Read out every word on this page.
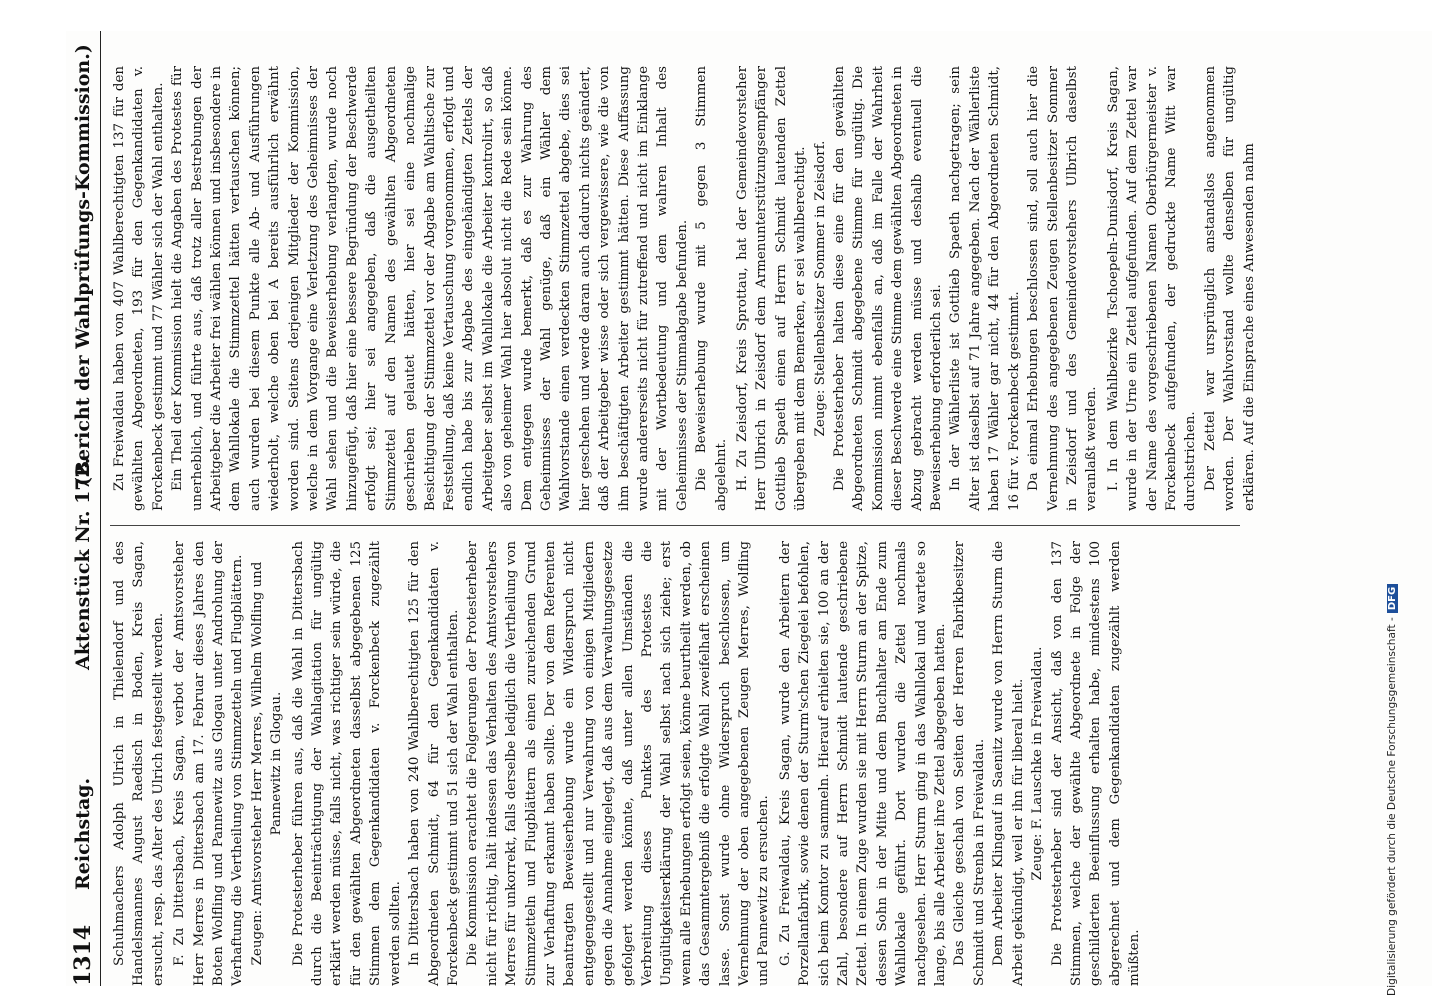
1314
Reichstag.
Aktenstück Nr. 172.
(Bericht der Wahlprüfungs-Kommission.)

Schuhmachers Adolph Ulrich in Thielendorf und des Handelsmannes August Raedisch in Boden, Kreis Sagan, ersucht, resp. das Alter des Ulrich festgestellt werden. F. Zu Dittersbach, Kreis Sagan, verbot der Amtsvorsteher Herr Merres in Dittersbach am 17. Februar dieses Jahres den Boten Wolfling und Pannewitz aus Glogau unter Androhung der Verhaftung die Vertheilung von Stimmzetteln und Flugblättern. Zeugen: Amtsvorsteher Herr Merres, Wilhelm Wolfling und Pannewitz in Glogau. Die Protesterheber führen aus, daß die Wahl in Dittersbach durch die Beeinträchtigung der Wahlagitation für ungültig erklärt werden müsse, falls nicht, was richtiger sein würde, die für den gewählten Abgeordneten dasselbst abgegebenen 125 Stimmen dem Gegenkandidaten v. Forckenbeck zugezählt werden sollten. In Dittersbach haben von 240 Wahlberechtigten 125 für den Abgeordneten Schmidt, 64 für den Gegenkandidaten v. Forckenbeck gestimmt und 51 sich der Wahl enthalten. Die Kommission erachtet die Folgerungen der Protesterheber nicht für richtig, hält indessen das Verhalten des Amtsvorstehers Merres für unkorrekt, falls derselbe lediglich die Vertheilung von Stimmzetteln und Flugblättern als einen zureichenden Grund zur Verhaftung erkannt haben sollte. Der von dem Referenten beantragten Beweiserhebung wurde ein Widerspruch nicht entgegengestellt und nur Verwahrung von einigen Mitgliedern gegen die Annahme eingelegt, daß aus dem Verwaltungsgesetze gefolgert werden könnte, daß unter allen Umständen die Verbreitung dieses Punktes des Protestes die Ungültigkeitserklärung der Wahl selbst nach sich ziehe; erst wenn alle Erhebungen erfolgt seien, könne beurtheilt werden, ob das Gesammtergebniß die erfolgte Wahl zweifelhaft erscheinen lasse. Sonst wurde ohne Widerspruch beschlossen, um Vernehmung der oben angegebenen Zeugen Merres, Wolfling und Pannewitz zu ersuchen. G. Zu Freiwaldau, Kreis Sagan, wurde den Arbeitern der Porzellanfabrik, sowie denen der Sturm'schen Ziegelei befohlen, sich beim Komtor zu sammeln. Hierauf erhielten sie, 100 an der Zahl, besondere auf Herrn Schmidt lautende geschriebene Zettel. In einem Zuge wurden sie mit Herrn Sturm an der Spitze, dessen Sohn in der Mitte und dem Buchhalter am Ende zum Wahllokale geführt. Dort wurden die Zettel nochmals nachgesehen. Herr Sturm ging in das Wahllokal und wartete so lange, bis alle Arbeiter ihre Zettel abgegeben hatten. Das Gleiche geschah von Seiten der Herren Fabrikbesitzer Schmidt und Strenba in Freiwaldau. Dem Arbeiter Klingauf in Saenitz wurde von Herrn Sturm die Arbeit gekündigt, weil er ihn für liberal hielt. Zeuge: F. Lauschke in Freiwaldau. Die Protesterheber sind der Ansicht, daß von den 137 Stimmen, welche der gewählte Abgeordnete in Folge der geschilderten Beeinflussung erhalten habe, mindestens 100 abgerechnet und dem Gegenkandidaten zugezählt werden müßten.

Zu Freiwaldau haben von 407 Wahlberechtigten 137 für den gewählten Abgeordneten, 193 für den Gegenkandidaten v. Forckenbeck gestimmt und 77 Wähler sich der Wahl enthalten. Ein Theil der Kommission hielt die Angaben des Protestes für unerheblich, und führte aus, daß trotz aller Bestrebungen der Arbeitgeber die Arbeiter frei wählen können und insbesondere in dem Wahllokale die Stimmzettel hätten vertauschen können; auch wurden bei diesem Punkte alle Ab- und Ausführungen wiederholt, welche oben bei A bereits ausführlich erwähnt worden sind. Seitens derjenigen Mitglieder der Kommission, welche in dem Vorgange eine Verletzung des Geheimnisses der Wahl sehen und die Beweiserhebung verlangten, wurde noch hinzugefügt, daß hier eine bessere Begründung der Beschwerde erfolgt sei; hier sei angegeben, daß die ausgetheilten Stimmzettel auf den Namen des gewählten Abgeordneten geschrieben gelautet hätten, hier sei eine nochmalige Besichtigung der Stimmzettel vor der Abgabe am Wahltische zur Feststellung, daß keine Vertauschung vorgenommen, erfolgt und endlich habe bis zur Abgabe des eingehändigten Zettels der Arbeitgeber selbst im Wahllokale die Arbeiter kontrolirt, so daß also von geheimer Wahl hier absolut nicht die Rede sein könne. Dem entgegen wurde bemerkt, daß es zur Wahrung des Geheimnisses der Wahl genüge, daß ein Wähler dem Wahlvorstande einen verdeckten Stimmzettel abgebe, dies sei hier geschehen und werde daran auch dadurch nichts geändert, daß der Arbeitgeber wisse oder sich vergewissere, wie die von ihm beschäftigten Arbeiter gestimmt hätten. Diese Auffassung wurde andererseits nicht für zutreffend und nicht im Einklange mit der Wortbedeutung und dem wahren Inhalt des Geheimnisses der Stimmabgabe befunden. Die Beweiserhebung wurde mit 5 gegen 3 Stimmen abgelehnt. H. Zu Zeisdorf, Kreis Sprottau, hat der Gemeindevorsteher Herr Ulbrich in Zeisdorf dem Armenunterstützungsempfänger Gottlieb Spaeth einen auf Herrn Schmidt lautenden Zettel übergeben mit dem Bemerken, er sei wahlberechtigt. Zeuge: Stellenbesitzer Sommer in Zeisdorf. Die Protesterheber halten diese eine für den gewählten Abgeordneten Schmidt abgegebene Stimme für ungültig. Die Kommission nimmt ebenfalls an, daß im Falle der Wahrheit dieser Beschwerde eine Stimme dem gewählten Abgeordneten in Abzug gebracht werden müsse und deshalb eventuell die Beweiserhebung erforderlich sei. In der Wählerliste ist Gottlieb Spaeth nachgetragen; sein Alter ist daselbst auf 71 Jahre angegeben. Nach der Wählerliste haben 17 Wähler gar nicht, 44 für den Abgeordneten Schmidt, 16 für v. Forckenbeck gestimmt. Da einmal Erhebungen beschlossen sind, soll auch hier die Vernehmung des angegebenen Zeugen Stellenbesitzer Sommer in Zeisdorf und des Gemeindevorstehers Ulbrich daselbst veranlaßt werden. I. In dem Wahlbezirke Tschoepeln-Dunisdorf, Kreis Sagan, wurde in der Urne ein Zettel aufgefunden. Auf dem Zettel war der Name des vorgeschriebenen Namen Oberbürgermeister v. Forckenbeck aufgefunden, der gedruckte Name Witt war durchstrichen. Der Zettel war ursprünglich anstandslos angenommen worden. Der Wahlvorstand wollte denselben für ungültig erklären. Auf die Einsprache eines Anwesenden nahm

Digitalisierung gefördert durch die Deutsche Forschungsgemeinschaft -DFG
